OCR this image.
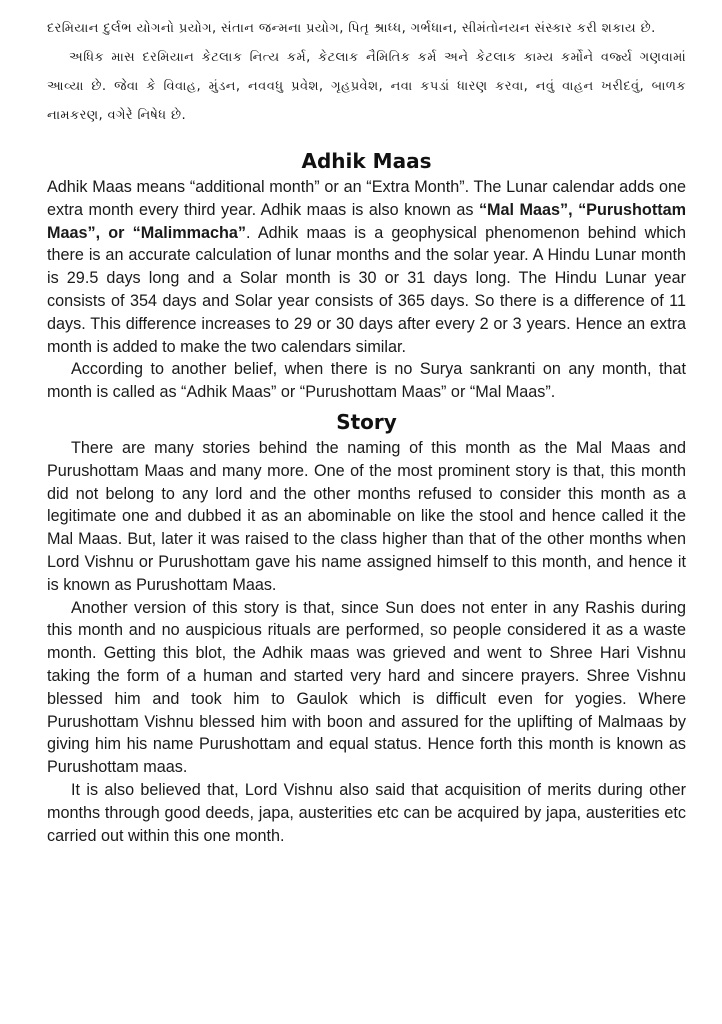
દરમિયાન દુર્લભ યોગનો પ્રયોગ, સંતાન જન્મના પ્રયોગ, પિતૃ શ્રાધ્ધ, ગર્ભધાન, સીમંતોનયન સંસ્કાર કરી શકાય છે.

અધિક માસ દરમિયાન કેટલાક નિત્ય કર્મ, કેટલાક નૈમિતિક કર્મ અને કેટલાક કામ્ય કર્મોને વર્જ્ય ગણવામાં આવ્યા છે. જેવા કે વિવાહ, મુંડન, નવવધુ પ્રવેશ, ગૃહપ્રવેશ, નવા કપડાં ધારણ કરવા, નવું વાહન ખરીદવું, બાળક નામકરણ, વગેરે નિષેધ છે.

Adhik Maas

Adhik Maas means “additional month” or an “Extra Month”. The Lunar calendar adds one extra month every third year. Adhik maas is also known as “Mal Maas”, “Purushottam Maas”, or “Malimmacha”. Adhik maas is a geophysical phenomenon behind which there is an accurate calculation of lunar months and the solar year. A Hindu Lunar month is 29.5 days long and a Solar month is 30 or 31 days long. The Hindu Lunar year consists of 354 days and Solar year consists of 365 days. So there is a difference of 11 days. This difference increases to 29 or 30 days after every 2 or 3 years. Hence an extra month is added to make the two calendars similar.

According to another belief, when there is no Surya sankranti on any month, that month is called as “Adhik Maas” or “Purushottam Maas” or “Mal Maas”.

Story

There are many stories behind the naming of this month as the Mal Maas and Purushottam Maas and many more. One of the most prominent story is that, this month did not belong to any lord and the other months refused to consider this month as a legitimate one and dubbed it as an abominable on like the stool and hence called it the Mal Maas. But, later it was raised to the class higher than that of the other months when Lord Vishnu or Purushottam gave his name assigned himself to this month, and hence it is known as Purushottam Maas.

Another version of this story is that, since Sun does not enter in any Rashis during this month and no auspicious rituals are performed, so people considered it as a waste month. Getting this blot, the Adhik maas was grieved and went to Shree Hari Vishnu taking the form of a human and started very hard and sincere prayers. Shree Vishnu blessed him and took him to Gaulok which is difficult even for yogies. Where Purushottam Vishnu blessed him with boon and assured for the uplifting of Malmaas by giving him his name Purushottam and equal status. Hence forth this month is known as Purushottam maas.

It is also believed that, Lord Vishnu also said that acquisition of merits during other months through good deeds, japa, austerities etc can be acquired by japa, austerities etc carried out within this one month.
